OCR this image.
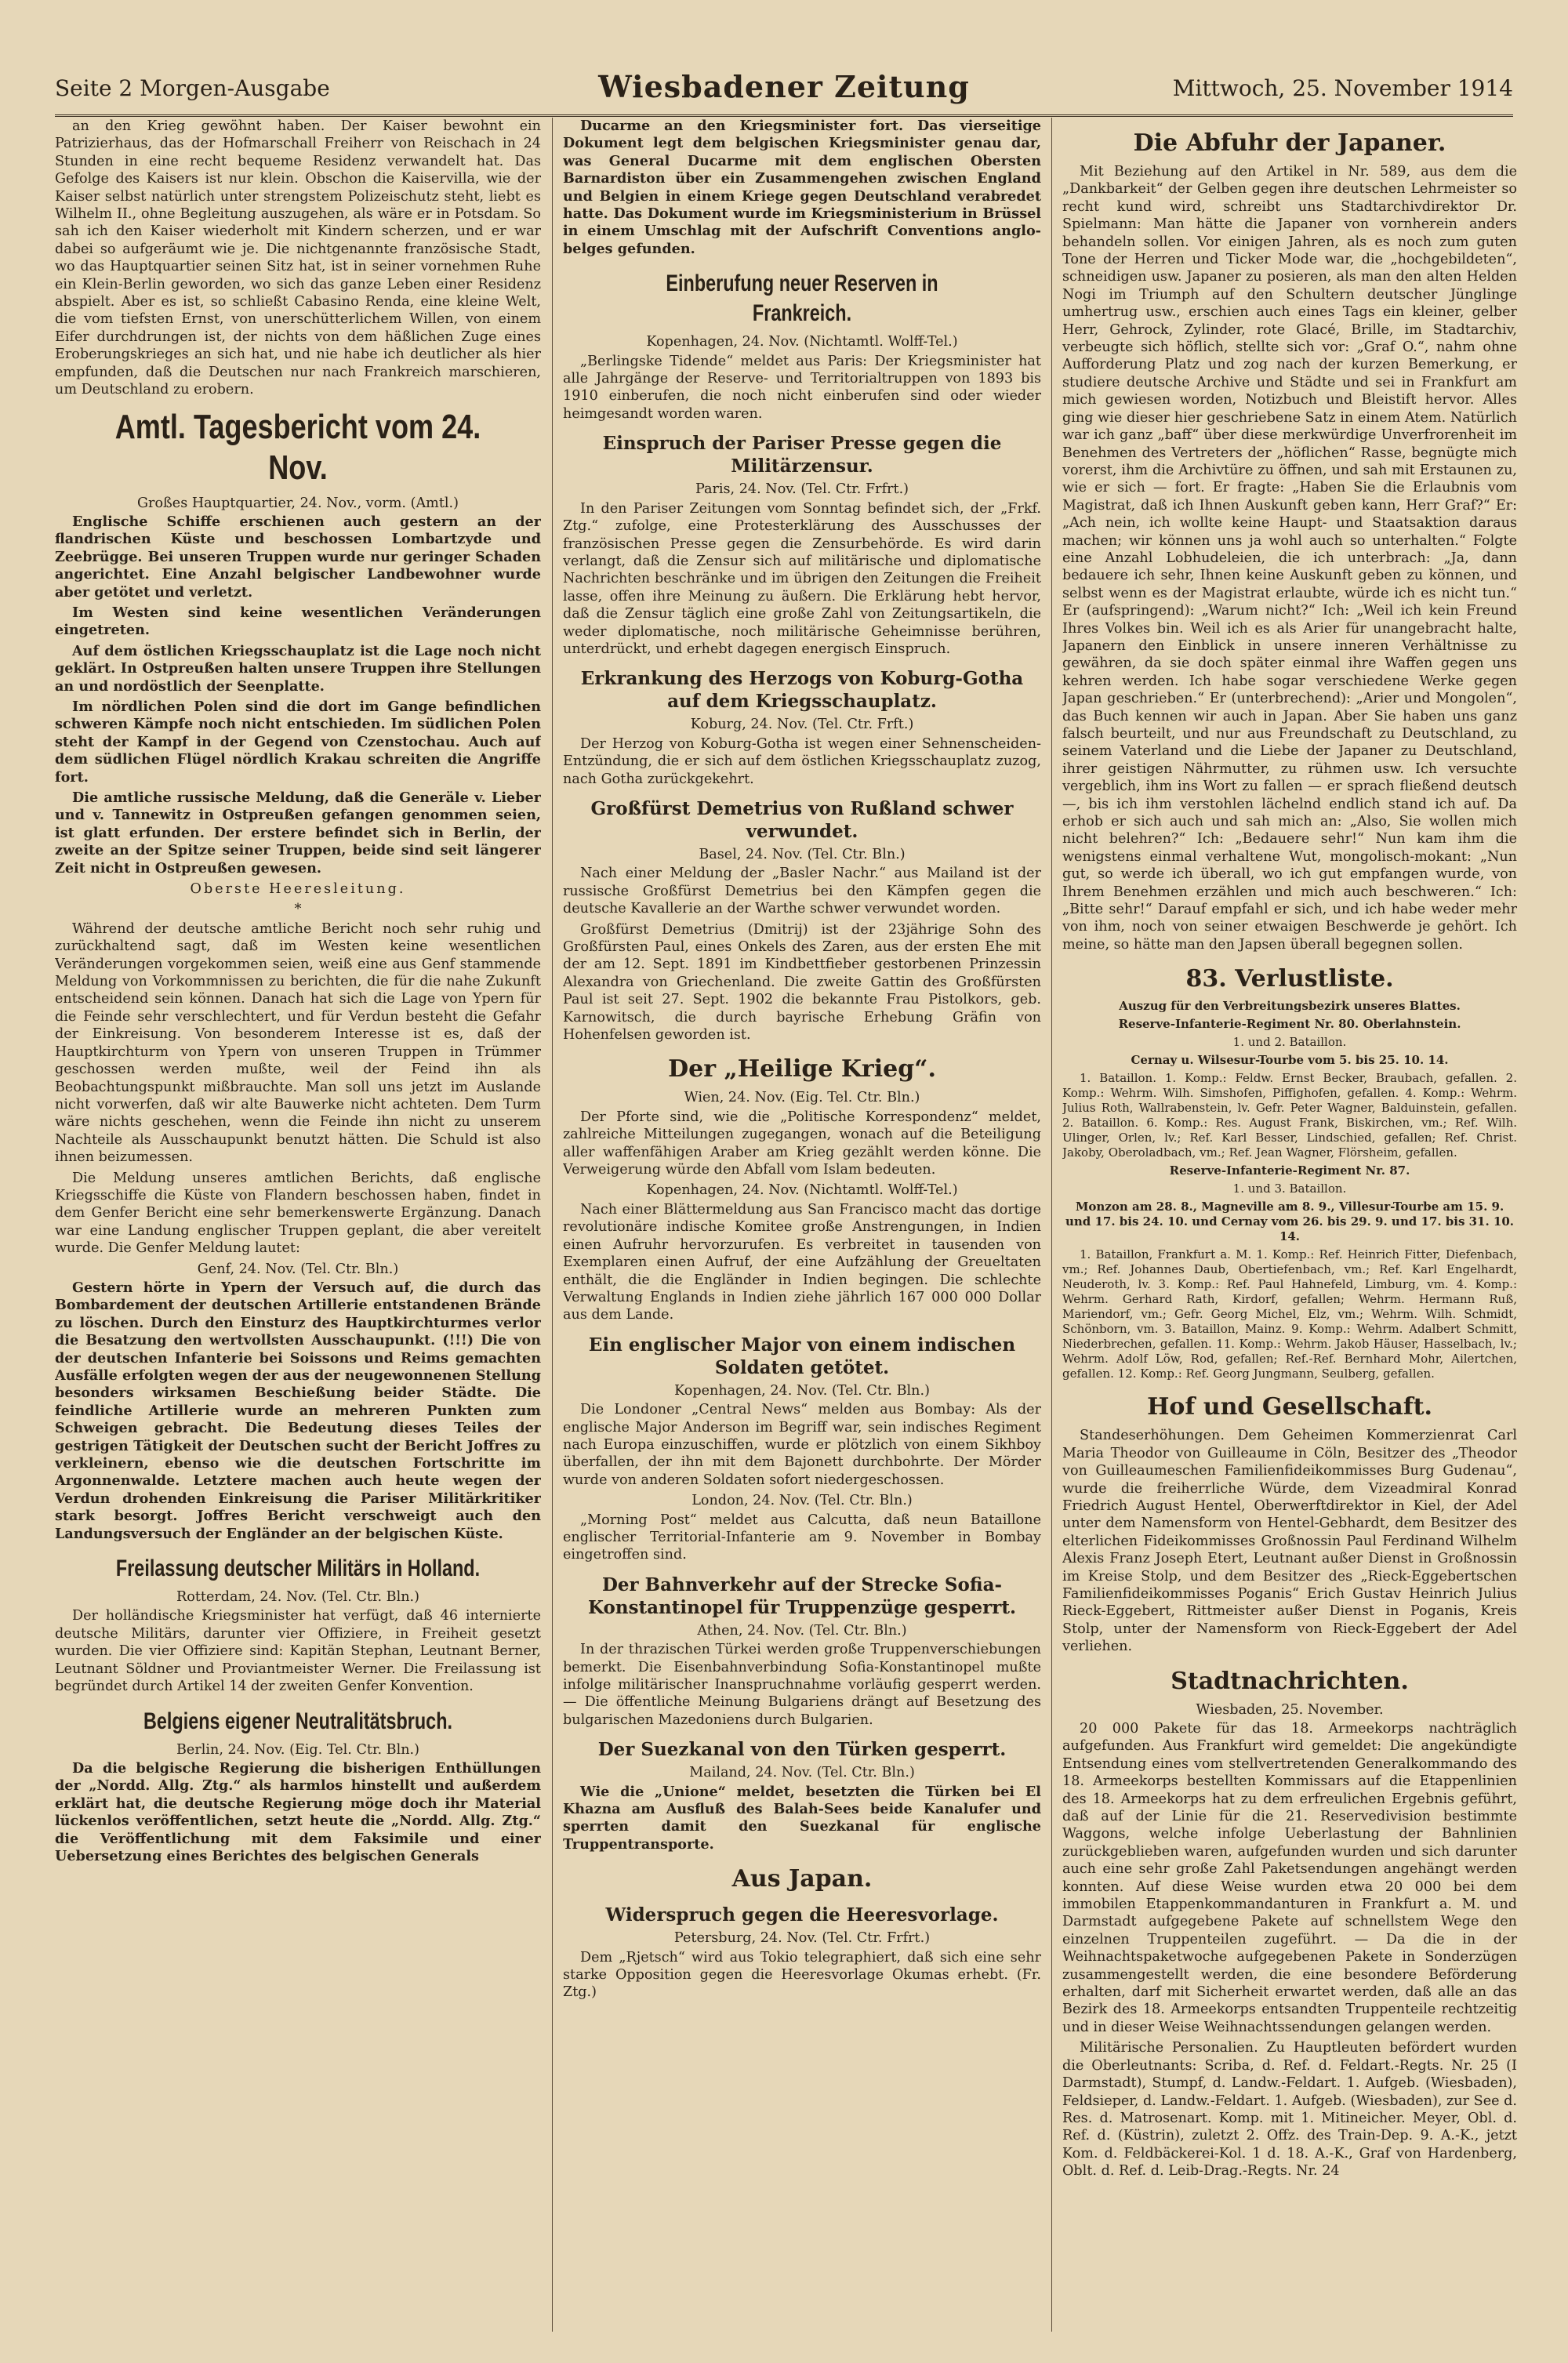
Seite 2 Morgen-Ausgabe	Wiesbadener Zeitung	Mittwoch, 25. November 1914

an den Krieg gewöhnt haben. Der Kaiser bewohnt ein Patrizierhaus, das der Hofmarschall Freiherr von Reischach in 24 Stunden in eine recht bequeme Residenz verwandelt hat. Das Gefolge des Kaisers ist nur klein. Obschon die Kaiservilla, wie der Kaiser selbst natürlich unter strengstem Polizeischutz steht, liebt es Wilhelm II., ohne Begleitung auszugehen, als wäre er in Potsdam. So sah ich den Kaiser wiederholt mit Kindern scherzen, und er war dabei so aufgeräumt wie je. Die nichtgenannte französische Stadt, wo das Hauptquartier seinen Sitz hat, ist in seiner vornehmen Ruhe ein Klein-Berlin geworden, wo sich das ganze Leben einer Residenz abspielt. Aber es ist, so schließt Cabasino Renda, eine kleine Welt, die vom tiefsten Ernst, von unerschütterlichem Willen, von einem Eifer durchdrungen ist, der nichts von dem häßlichen Zuge eines Eroberungskrieges an sich hat, und nie habe ich deutlicher als hier empfunden, daß die Deutschen nur nach Frankreich marschieren, um Deutschland zu erobern.

Amtl. Tagesbericht vom 24. Nov.

Großes Hauptquartier, 24. Nov., vorm. (Amtl.)

Englische Schiffe erschienen auch gestern an der flandrischen Küste und beschossen Lombartzyde und Zeebrügge. Bei unseren Truppen wurde nur geringer Schaden angerichtet. Eine Anzahl belgischer Landbewohner wurde aber getötet und verletzt.

Im Westen sind keine wesentlichen Veränderungen eingetreten.

Auf dem östlichen Kriegsschauplatz ist die Lage noch nicht geklärt. In Ostpreußen halten unsere Truppen ihre Stellungen an und nordöstlich der Seenplatte.

Im nördlichen Polen sind die dort im Gange befindlichen schweren Kämpfe noch nicht entschieden. Im südlichen Polen steht der Kampf in der Gegend von Czenstochau. Auch auf dem südlichen Flügel nördlich Krakau schreiten die Angriffe fort.

Die amtliche russische Meldung, daß die Generäle v. Lieber und v. Tannewitz in Ostpreußen gefangen genommen seien, ist glatt erfunden. Der erstere befindet sich in Berlin, der zweite an der Spitze seiner Truppen, beide sind seit längerer Zeit nicht in Ostpreußen gewesen.

Oberste Heeresleitung.

*

Während der deutsche amtliche Bericht noch sehr ruhig und zurückhaltend sagt, daß im Westen keine wesentlichen Veränderungen vorgekommen seien, weiß eine aus Genf stammende Meldung von Vorkommnissen zu berichten, die für die nahe Zukunft entscheidend sein können. Danach hat sich die Lage von Ypern für die Feinde sehr verschlechtert, und für Verdun besteht die Gefahr der Einkreisung. Von besonderem Interesse ist es, daß der Hauptkirchturm von Ypern von unseren Truppen in Trümmer geschossen werden mußte, weil der Feind ihn als Beobachtungspunkt mißbrauchte. Man soll uns jetzt im Auslande nicht vorwerfen, daß wir alte Bauwerke nicht achteten. Dem Turm wäre nichts geschehen, wenn die Feinde ihn nicht zu unserem Nachteile als Ausschaupunkt benutzt hätten. Die Schuld ist also ihnen beizumessen.

Die Meldung unseres amtlichen Berichts, daß englische Kriegsschiffe die Küste von Flandern beschossen haben, findet in dem Genfer Bericht eine sehr bemerkenswerte Ergänzung. Danach war eine Landung englischer Truppen geplant, die aber vereitelt wurde. Die Genfer Meldung lautet:

Genf, 24. Nov. (Tel. Ctr. Bln.)

Gestern hörte in Ypern der Versuch auf, die durch das Bombardement der deutschen Artillerie entstandenen Brände zu löschen. Durch den Einsturz des Hauptkirchturmes verlor die Besatzung den wertvollsten Ausschaupunkt. (!!!) Die von der deutschen Infanterie bei Soissons und Reims gemachten Ausfälle erfolgten wegen der aus der neugewonnenen Stellung besonders wirksamen Beschießung beider Städte. Die feindliche Artillerie wurde an mehreren Punkten zum Schweigen gebracht. Die Bedeutung dieses Teiles der gestrigen Tätigkeit der Deutschen sucht der Bericht Joffres zu verkleinern, ebenso wie die deutschen Fortschritte im Argonnenwalde. Letztere machen auch heute wegen der Verdun drohenden Einkreisung die Pariser Militärkritiker stark besorgt. Joffres Bericht verschweigt auch den Landungsversuch der Engländer an der belgischen Küste.

Freilassung deutscher Militärs in Holland.

Rotterdam, 24. Nov. (Tel. Ctr. Bln.)

Der holländische Kriegsminister hat verfügt, daß 46 internierte deutsche Militärs, darunter vier Offiziere, in Freiheit gesetzt wurden. Die vier Offiziere sind: Kapitän Stephan, Leutnant Berner, Leutnant Söldner und Proviantmeister Werner. Die Freilassung ist begründet durch Artikel 14 der zweiten Genfer Konvention.

Belgiens eigener Neutralitätsbruch.

Berlin, 24. Nov. (Eig. Tel. Ctr. Bln.)

Da die belgische Regierung die bisherigen Enthüllungen der „Nordd. Allg. Ztg.“ als harmlos hinstellt und außerdem erklärt hat, die deutsche Regierung möge doch ihr Material lückenlos veröffentlichen, setzt heute die „Nordd. Allg. Ztg.“ die Veröffentlichung mit dem Faksimile und einer Uebersetzung eines Berichtes des belgischen Generals

Ducarme an den Kriegsminister fort. Das vierseitige Dokument legt dem belgischen Kriegsminister genau dar, was General Ducarme mit dem englischen Obersten Barnardiston über ein Zusammengehen zwischen England und Belgien in einem Kriege gegen Deutschland verabredet hatte. Das Dokument wurde im Kriegsministerium in Brüssel in einem Umschlag mit der Aufschrift Conventions anglo-belges gefunden.

Einberufung neuer Reserven in Frankreich.

Kopenhagen, 24. Nov. (Nichtamtl. Wolff-Tel.)

„Berlingske Tidende“ meldet aus Paris: Der Kriegsminister hat alle Jahrgänge der Reserve- und Territorialtruppen von 1893 bis 1910 einberufen, die noch nicht einberufen sind oder wieder heimgesandt worden waren.

Einspruch der Pariser Presse gegen die Militärzensur.

Paris, 24. Nov. (Tel. Ctr. Frfrt.)

In den Pariser Zeitungen vom Sonntag befindet sich, der „Frkf. Ztg.“ zufolge, eine Protesterklärung des Ausschusses der französischen Presse gegen die Zensurbehörde. Es wird darin verlangt, daß die Zensur sich auf militärische und diplomatische Nachrichten beschränke und im übrigen den Zeitungen die Freiheit lasse, offen ihre Meinung zu äußern. Die Erklärung hebt hervor, daß die Zensur täglich eine große Zahl von Zeitungsartikeln, die weder diplomatische, noch militärische Geheimnisse berühren, unterdrückt, und erhebt dagegen energisch Einspruch.

Erkrankung des Herzogs von Koburg-Gotha auf dem Kriegsschauplatz.

Koburg, 24. Nov. (Tel. Ctr. Frft.)

Der Herzog von Koburg-Gotha ist wegen einer Sehnenscheiden-Entzündung, die er sich auf dem östlichen Kriegsschauplatz zuzog, nach Gotha zurückgekehrt.

Großfürst Demetrius von Rußland schwer verwundet.

Basel, 24. Nov. (Tel. Ctr. Bln.)

Nach einer Meldung der „Basler Nachr.“ aus Mailand ist der russische Großfürst Demetrius bei den Kämpfen gegen die deutsche Kavallerie an der Warthe schwer verwundet worden.

Großfürst Demetrius (Dmitrij) ist der 23jährige Sohn des Großfürsten Paul, eines Onkels des Zaren, aus der ersten Ehe mit der am 12. Sept. 1891 im Kindbettfieber gestorbenen Prinzessin Alexandra von Griechenland. Die zweite Gattin des Großfürsten Paul ist seit 27. Sept. 1902 die bekannte Frau Pistolkors, geb. Karnowitsch, die durch bayrische Erhebung Gräfin von Hohenfelsen geworden ist.

Der „Heilige Krieg“.

Wien, 24. Nov. (Eig. Tel. Ctr. Bln.)

Der Pforte sind, wie die „Politische Korrespondenz“ meldet, zahlreiche Mitteilungen zugegangen, wonach auf die Beteiligung aller waffenfähigen Araber am Krieg gezählt werden könne. Die Verweigerung würde den Abfall vom Islam bedeuten.

Kopenhagen, 24. Nov. (Nichtamtl. Wolff-Tel.)

Nach einer Blättermeldung aus San Francisco macht das dortige revolutionäre indische Komitee große Anstrengungen, in Indien einen Aufruhr hervorzurufen. Es verbreitet in tausenden von Exemplaren einen Aufruf, der eine Aufzählung der Greueltaten enthält, die die Engländer in Indien begingen. Die schlechte Verwaltung Englands in Indien ziehe jährlich 167 000 000 Dollar aus dem Lande.

Ein englischer Major von einem indischen Soldaten getötet.

Kopenhagen, 24. Nov. (Tel. Ctr. Bln.)

Die Londoner „Central News“ melden aus Bombay: Als der englische Major Anderson im Begriff war, sein indisches Regiment nach Europa einzuschiffen, wurde er plötzlich von einem Sikhboy überfallen, der ihn mit dem Bajonett durchbohrte. Der Mörder wurde von anderen Soldaten sofort niedergeschossen.

London, 24. Nov. (Tel. Ctr. Bln.)

„Morning Post“ meldet aus Calcutta, daß neun Bataillone englischer Territorial-Infanterie am 9. November in Bombay eingetroffen sind.

Der Bahnverkehr auf der Strecke Sofia-Konstantinopel für Truppenzüge gesperrt.

Athen, 24. Nov. (Tel. Ctr. Bln.)

In der thrazischen Türkei werden große Truppenverschiebungen bemerkt. Die Eisenbahnverbindung Sofia-Konstantinopel mußte infolge militärischer Inanspruchnahme vorläufig gesperrt werden. — Die öffentliche Meinung Bulgariens drängt auf Besetzung des bulgarischen Mazedoniens durch Bulgarien.

Der Suezkanal von den Türken gesperrt.

Mailand, 24. Nov. (Tel. Ctr. Bln.)

Wie die „Unione“ meldet, besetzten die Türken bei El Khazna am Ausfluß des Balah-Sees beide Kanalufer und sperrten damit den Suezkanal für englische Truppentransporte.

Aus Japan.
Widerspruch gegen die Heeresvorlage.

Petersburg, 24. Nov. (Tel. Ctr. Frfrt.)

Dem „Rjetsch“ wird aus Tokio telegraphiert, daß sich eine sehr starke Opposition gegen die Heeresvorlage Okumas erhebt. (Fr. Ztg.)

Die Abfuhr der Japaner.

Mit Beziehung auf den Artikel in Nr. 589, aus dem die „Dankbarkeit“ der Gelben gegen ihre deutschen Lehrmeister so recht kund wird, schreibt uns Stadtarchivdirektor Dr. Spielmann: Man hätte die Japaner von vornherein anders behandeln sollen. Vor einigen Jahren, als es noch zum guten Tone der Herren und Ticker Mode war, die „hochgebildeten“, schneidigen usw. Japaner zu posieren, als man den alten Helden Nogi im Triumph auf den Schultern deutscher Jünglinge umhertrug usw., erschien auch eines Tags ein kleiner, gelber Herr, Gehrock, Zylinder, rote Glacé, Brille, im Stadtarchiv, verbeugte sich höflich, stellte sich vor: „Graf O.“, nahm ohne Aufforderung Platz und zog nach der kurzen Bemerkung, er studiere deutsche Archive und Städte und sei in Frankfurt am mich gewiesen worden, Notizbuch und Bleistift hervor. Alles ging wie dieser hier geschriebene Satz in einem Atem. Natürlich war ich ganz „baff“ über diese merkwürdige Unverfrorenheit im Benehmen des Vertreters der „höflichen“ Rasse, begnügte mich vorerst, ihm die Archivtüre zu öffnen, und sah mit Erstaunen zu, wie er sich — fort. Er fragte: „Haben Sie die Erlaubnis vom Magistrat, daß ich Ihnen Auskunft geben kann, Herr Graf?“ Er: „Ach nein, ich wollte keine Haupt- und Staatsaktion daraus machen; wir können uns ja wohl auch so unterhalten.“ Folgte eine Anzahl Lobhudeleien, die ich unterbrach: „Ja, dann bedauere ich sehr, Ihnen keine Auskunft geben zu können, und selbst wenn es der Magistrat erlaubte, würde ich es nicht tun.“ Er (aufspringend): „Warum nicht?“ Ich: „Weil ich kein Freund Ihres Volkes bin. Weil ich es als Arier für unangebracht halte, Japanern den Einblick in unsere inneren Verhältnisse zu gewähren, da sie doch später einmal ihre Waffen gegen uns kehren werden. Ich habe sogar verschiedene Werke gegen Japan geschrieben.“ Er (unterbrechend): „Arier und Mongolen“, das Buch kennen wir auch in Japan. Aber Sie haben uns ganz falsch beurteilt, und nur aus Freundschaft zu Deutschland, zu seinem Vaterland und die Liebe der Japaner zu Deutschland, ihrer geistigen Nährmutter, zu rühmen usw. Ich versuchte vergeblich, ihm ins Wort zu fallen — er sprach fließend deutsch —, bis ich ihm verstohlen lächelnd endlich stand ich auf. Da erhob er sich auch und sah mich an: „Also, Sie wollen mich nicht belehren?“ Ich: „Bedauere sehr!“ Nun kam ihm die wenigstens einmal verhaltene Wut, mongolisch-mokant: „Nun gut, so werde ich überall, wo ich gut empfangen wurde, von Ihrem Benehmen erzählen und mich auch beschweren.“ Ich: „Bitte sehr!“ Darauf empfahl er sich, und ich habe weder mehr von ihm, noch von seiner etwaigen Beschwerde je gehört. Ich meine, so hätte man den Japsen überall begegnen sollen.

83. Verlustliste.

Auszug für den Verbreitungsbezirk unseres Blattes.

Reserve-Infanterie-Regiment Nr. 80. Oberlahnstein.

1. und 2. Bataillon.

Cernay u. Wilsesur-Tourbe vom 5. bis 25. 10. 14.

1. Bataillon. 1. Komp.: Feldw. Ernst Becker, Braubach, gefallen. 2. Komp.: Wehrm. Wilh. Simshofen, Piffighofen, gefallen. 4. Komp.: Wehrm. Julius Roth, Wallrabenstein, lv. Gefr. Peter Wagner, Balduinstein, gefallen. 2. Bataillon. 6. Komp.: Res. August Frank, Biskirchen, vm.; Ref. Wilh. Ulinger, Orlen, lv.; Ref. Karl Besser, Lindschied, gefallen; Ref. Christ. Jakoby, Oberoladbach, vm.; Ref. Jean Wagner, Flörsheim, gefallen.

Reserve-Infanterie-Regiment Nr. 87.

1. und 3. Bataillon.

Monzon am 28. 8., Magneville am 8. 9., Villesur-Tourbe am 15. 9. und 17. bis 24. 10. und Cernay vom 26. bis 29. 9. und 17. bis 31. 10. 14.

1. Bataillon, Frankfurt a. M. 1. Komp.: Ref. Heinrich Fitter, Diefenbach, vm.; Ref. Johannes Daub, Obertiefenbach, vm.; Ref. Karl Engelhardt, Neuderoth, lv. 3. Komp.: Ref. Paul Hahnefeld, Limburg, vm. 4. Komp.: Wehrm. Gerhard Rath, Kirdorf, gefallen; Wehrm. Hermann Ruß, Mariendorf, vm.; Gefr. Georg Michel, Elz, vm.; Wehrm. Wilh. Schmidt, Schönborn, vm. 3. Bataillon, Mainz. 9. Komp.: Wehrm. Adalbert Schmitt, Niederbrechen, gefallen. 11. Komp.: Wehrm. Jakob Häuser, Hasselbach, lv.; Wehrm. Adolf Löw, Rod, gefallen; Ref.-Ref. Bernhard Mohr, Ailertchen, gefallen. 12. Komp.: Ref. Georg Jungmann, Seulberg, gefallen.

Hof und Gesellschaft.

Standeserhöhungen. Dem Geheimen Kommerzienrat Carl Maria Theodor von Guilleaume in Cöln, Besitzer des „Theodor von Guilleaumeschen Familienfideikommisses Burg Gudenau“, wurde die freiherrliche Würde, dem Vizeadmiral Konrad Friedrich August Hentel, Oberwerftdirektor in Kiel, der Adel unter dem Namensform von Hentel-Gebhardt, dem Besitzer des elterlichen Fideikommisses Großnossin Paul Ferdinand Wilhelm Alexis Franz Joseph Etert, Leutnant außer Dienst in Großnossin im Kreise Stolp, und dem Besitzer des „Rieck-Eggebertschen Familienfideikommisses Poganis“ Erich Gustav Heinrich Julius Rieck-Eggebert, Rittmeister außer Dienst in Poganis, Kreis Stolp, unter der Namensform von Rieck-Eggebert der Adel verliehen.

Stadtnachrichten.

Wiesbaden, 25. November.

20 000 Pakete für das 18. Armeekorps nachträglich aufgefunden. Aus Frankfurt wird gemeldet: Die angekündigte Entsendung eines vom stellvertretenden Generalkommando des 18. Armeekorps bestellten Kommissars auf die Etappenlinien des 18. Armeekorps hat zu dem erfreulichen Ergebnis geführt, daß auf der Linie für die 21. Reservedivision bestimmte Waggons, welche infolge Ueberlastung der Bahnlinien zurückgeblieben waren, aufgefunden wurden und sich darunter auch eine sehr große Zahl Paketsendungen angehängt werden konnten. Auf diese Weise wurden etwa 20 000 bei dem immobilen Etappenkommandanturen in Frankfurt a. M. und Darmstadt aufgegebene Pakete auf schnellstem Wege den einzelnen Truppenteilen zugeführt. — Da die in der Weihnachtspaketwoche aufgegebenen Pakete in Sonderzügen zusammengestellt werden, die eine besondere Beförderung erhalten, darf mit Sicherheit erwartet werden, daß alle an das Bezirk des 18. Armeekorps entsandten Truppenteile rechtzeitig und in dieser Weise Weihnachtssendungen gelangen werden.

Militärische Personalien. Zu Hauptleuten befördert wurden die Oberleutnants: Scriba, d. Ref. d. Feldart.-Regts. Nr. 25 (I Darmstadt), Stumpf, d. Landw.-Feldart. 1. Aufgeb. (Wiesbaden), Feldsieper, d. Landw.-Feldart. 1. Aufgeb. (Wiesbaden), zur See d. Res. d. Matrosenart. Komp. mit 1. Mitineicher. Meyer, Obl. d. Ref. d. (Küstrin), zuletzt 2. Offz. des Train-Dep. 9. A.-K., jetzt Kom. d. Feldbäckerei-Kol. 1 d. 18. A.-K., Graf von Hardenberg, Oblt. d. Ref. d. Leib-Drag.-Regts. Nr. 24
